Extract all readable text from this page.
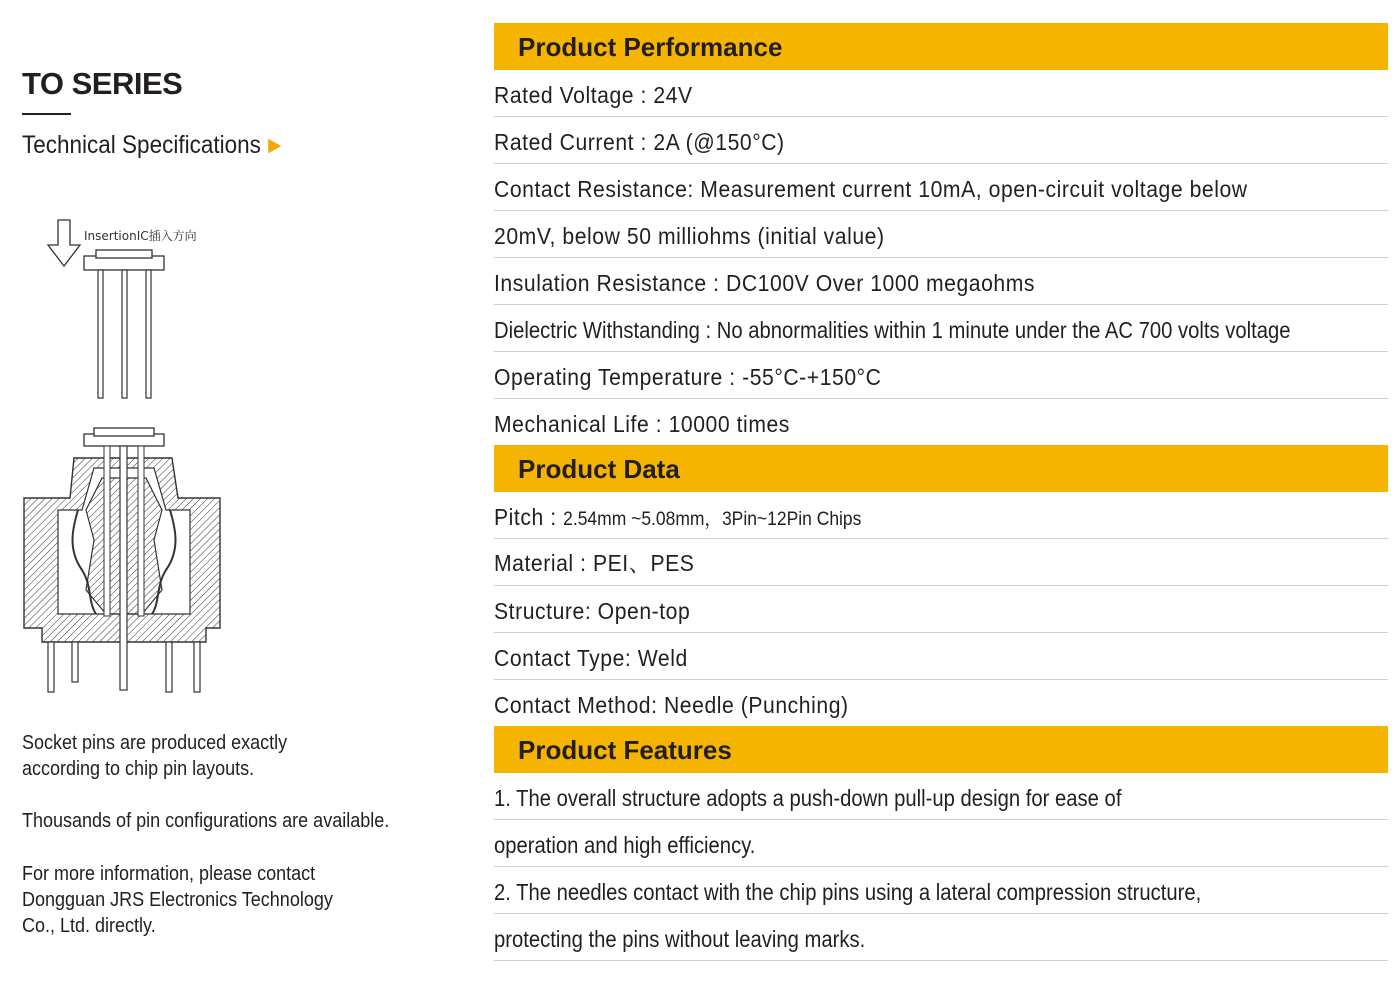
TO SERIES
Technical Specifications ▶
InsertionIC插入方向
Socket pins are produced exactly
according to chip pin layouts.
Thousands of pin configurations are available.
For more information, please contact
Dongguan JRS Electronics Technology
Co., Ltd. directly.
Product Performance
Rated Voltage : 24V
Rated Current : 2A (@150°C)
Contact Resistance: Measurement current 10mA, open-circuit voltage below
20mV, below 50 milliohms (initial value)
Insulation Resistance : DC100V Over 1000 megaohms
Dielectric Withstanding : No abnormalities within 1 minute under the AC 700 volts voltage
Operating Temperature : -55°C-+150°C
Mechanical Life : 10000 times
Product Data
Pitch : 2.54mm ~5.08mm，3Pin~12Pin Chips
Material : PEI、PES
Structure: Open-top
Contact Type: Weld
Contact Method: Needle (Punching)
Product Features
1. The overall structure adopts a push-down pull-up design for ease of
operation and high efficiency.
2. The needles contact with the chip pins using a lateral compression structure,
protecting the pins without leaving marks.
